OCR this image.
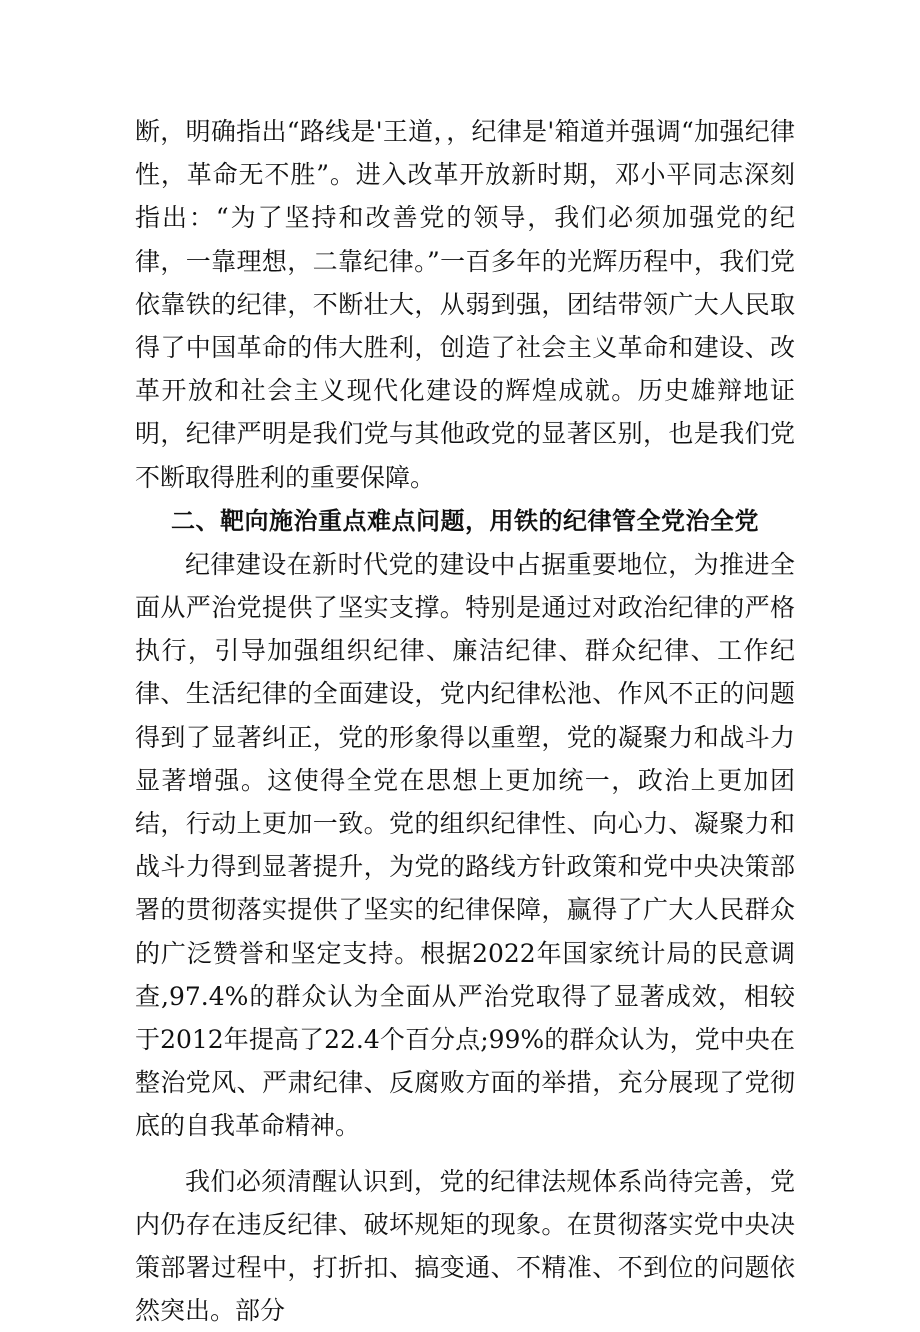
断，明确指出“路线是'王道，，纪律是'箱道并强调“加强纪律性，革命无不胜”。进入改革开放新时期，邓小平同志深刻指出：“为了坚持和改善党的领导，我们必须加强党的纪律，一靠理想，二靠纪律。”一百多年的光辉历程中，我们党依靠铁的纪律，不断壮大，从弱到强，团结带领广大人民取得了中国革命的伟大胜利，创造了社会主义革命和建设、改革开放和社会主义现代化建设的辉煌成就。历史雄辩地证明，纪律严明是我们党与其他政党的显著区别，也是我们党不断取得胜利的重要保障。

二、靶向施治重点难点问题，用铁的纪律管全党治全党

纪律建设在新时代党的建设中占据重要地位，为推进全面从严治党提供了坚实支撑。特别是通过对政治纪律的严格执行，引导加强组织纪律、廉洁纪律、群众纪律、工作纪律、生活纪律的全面建设，党内纪律松池、作风不正的问题得到了显著纠正，党的形象得以重塑，党的凝聚力和战斗力显著增强。这使得全党在思想上更加统一，政治上更加团结，行动上更加一致。党的组织纪律性、向心力、凝聚力和战斗力得到显著提升，为党的路线方针政策和党中央决策部署的贯彻落实提供了坚实的纪律保障，赢得了广大人民群众的广泛赞誉和坚定支持。根据2022年国家统计局的民意调查,97.4%的群众认为全面从严治党取得了显著成效，相较于2012年提高了22.4个百分点;99%的群众认为，党中央在整治党风、严肃纪律、反腐败方面的举措，充分展现了党彻底的自我革命精神。

我们必须清醒认识到，党的纪律法规体系尚待完善，党内仍存在违反纪律、破坏规矩的现象。在贯彻落实党中央决策部署过程中，打折扣、搞变通、不精准、不到位的问题依然突出。部分
